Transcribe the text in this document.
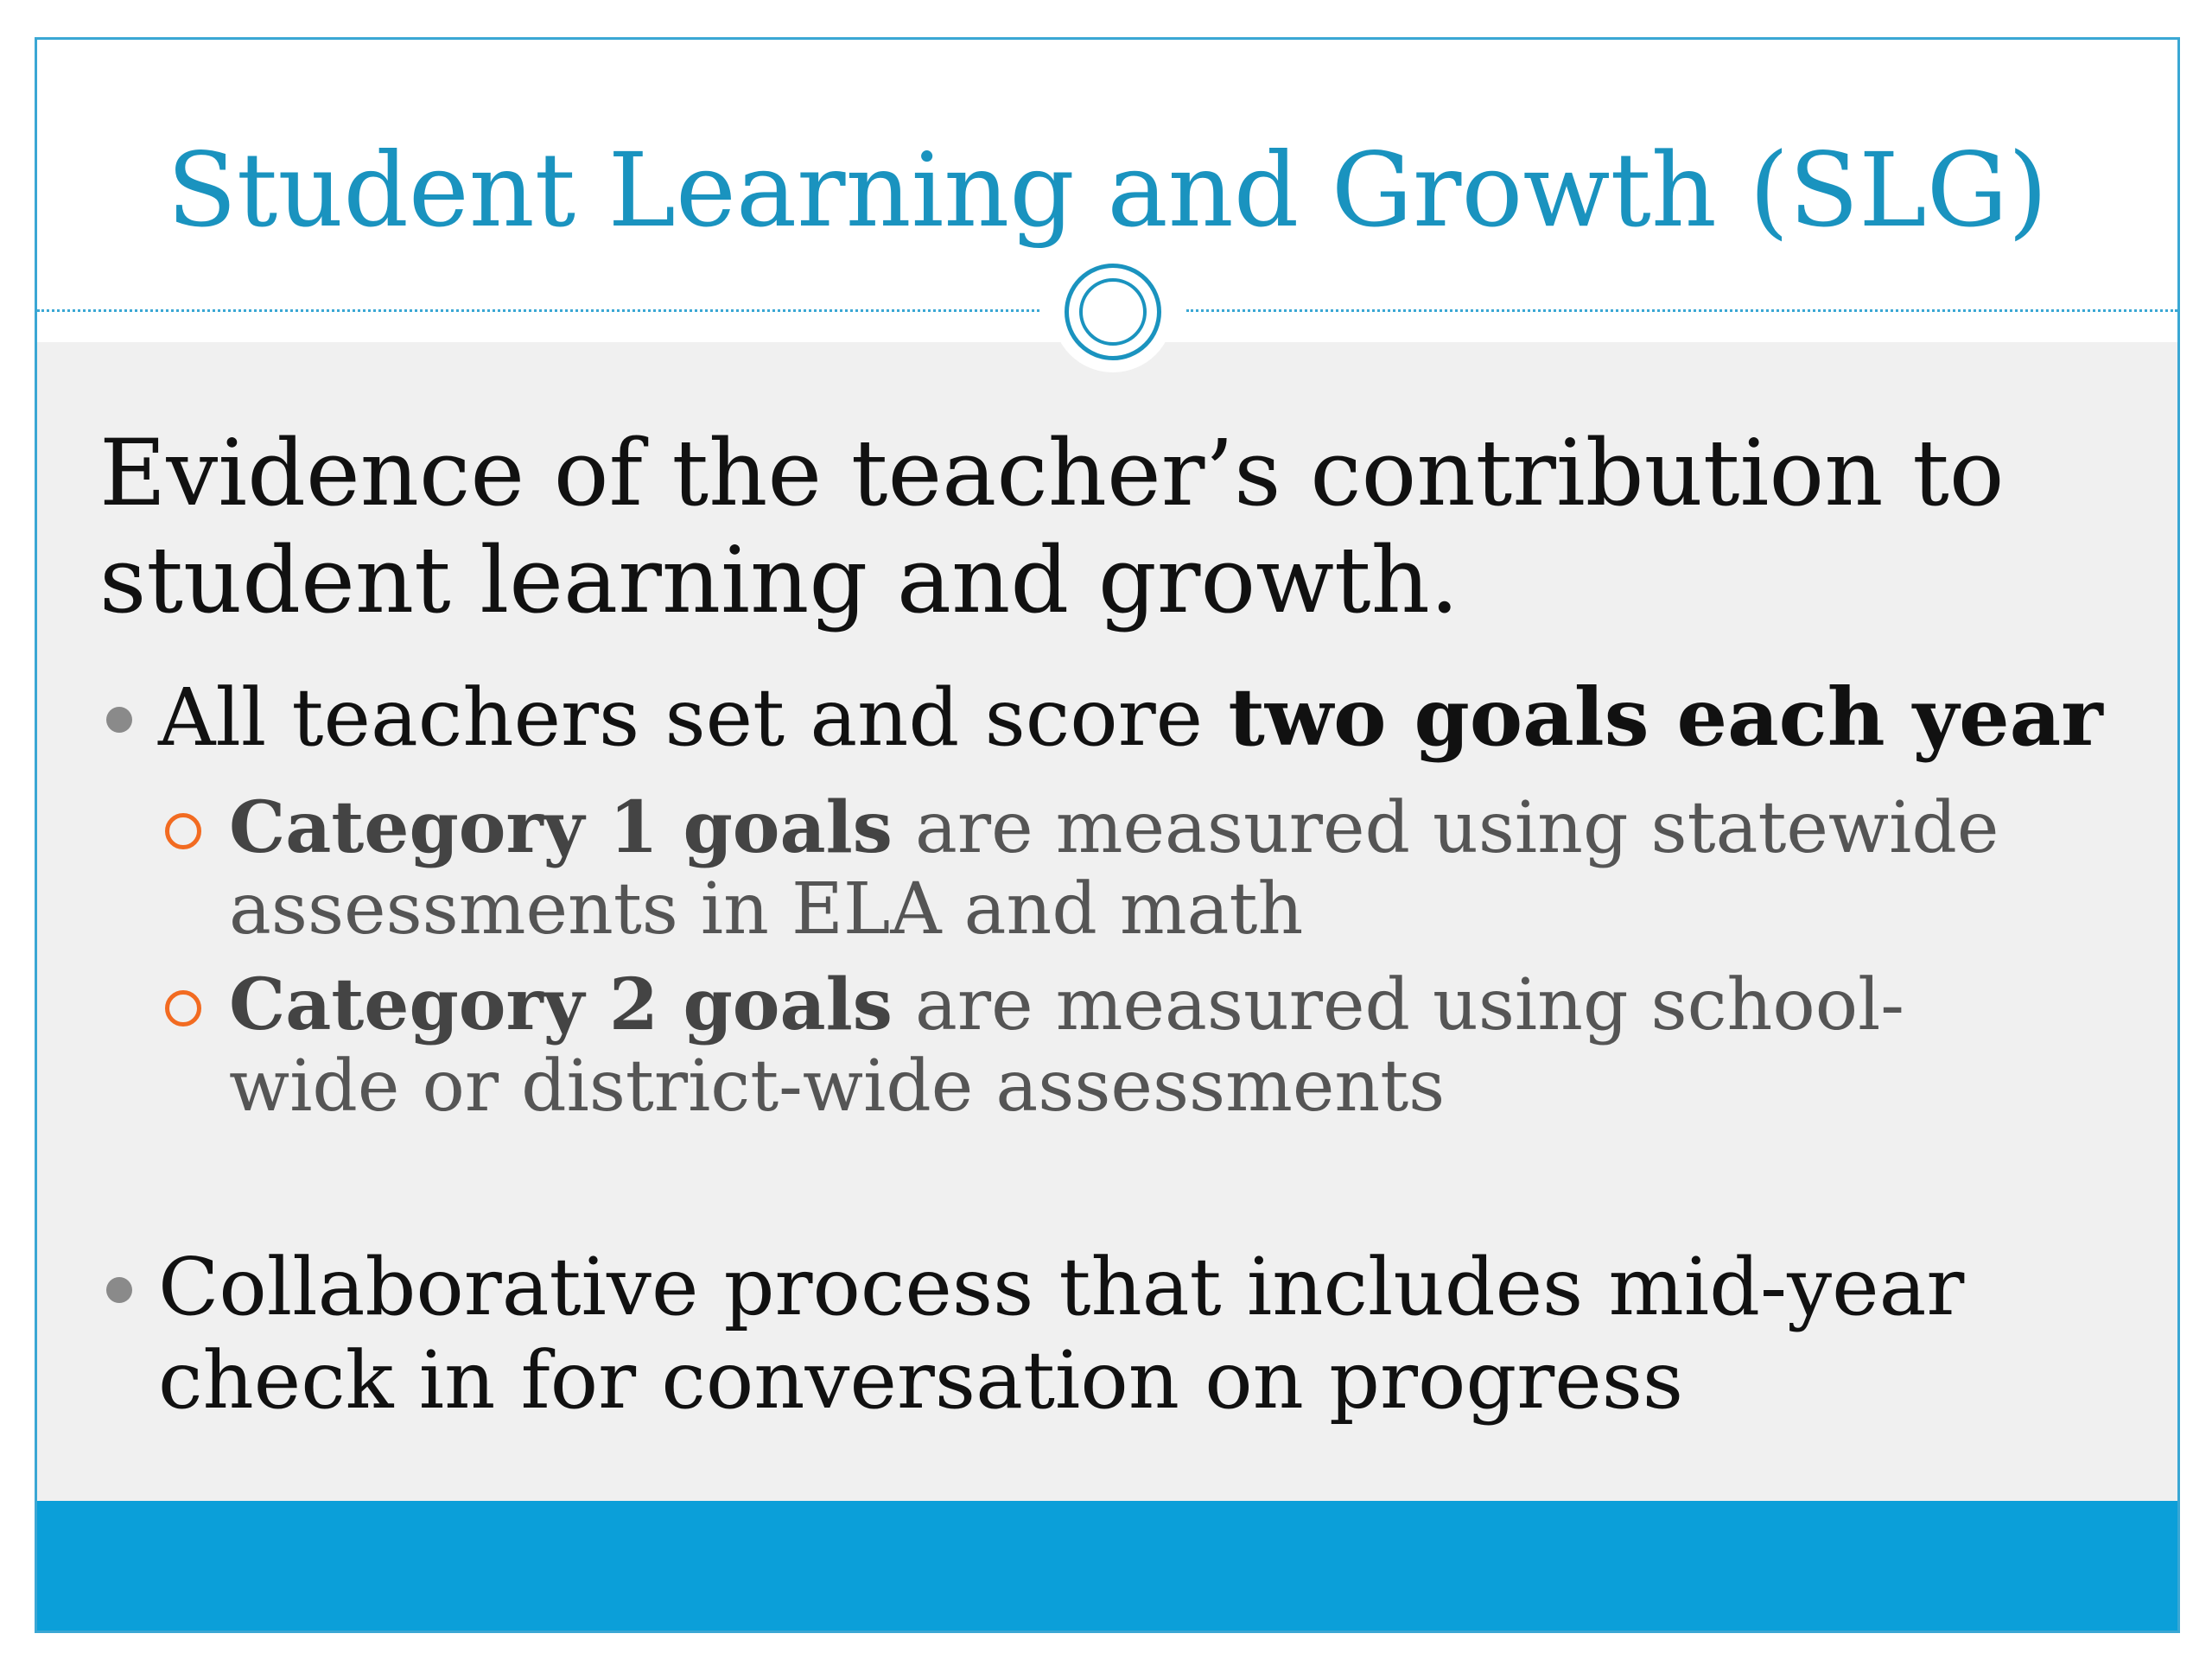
Student Learning and Growth (SLG)
Evidence of the teacher’s contribution to student learning and growth.
All teachers set and score two goals each year
Category 1 goals are measured using statewide assessments in ELA and math
Category 2 goals are measured using school-wide or district-wide assessments
Collaborative process that includes mid-year check in for conversation on progress
